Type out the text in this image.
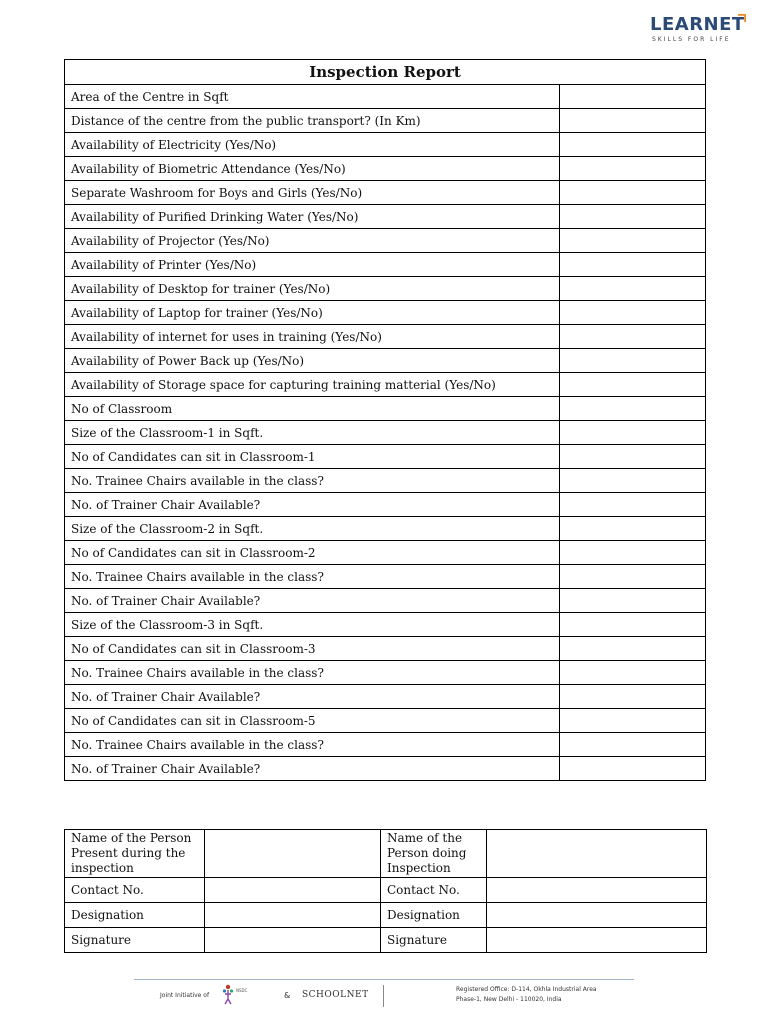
LEARNET
SKILLS FOR LIFE
Inspection Report	
Area of the Centre in Sqft	
Distance of the centre from the public transport? (In Km)	
Availability of Electricity (Yes/No)	
Availability of Biometric Attendance (Yes/No)	
Separate Washroom for Boys and Girls (Yes/No)	
Availability of Purified Drinking Water (Yes/No)	
Availability of Projector (Yes/No)	
Availability of Printer (Yes/No)	
Availability of Desktop for trainer (Yes/No)	
Availability of Laptop for trainer (Yes/No)	
Availability of internet for uses in training (Yes/No)	
Availability of Power Back up (Yes/No)	
Availability of Storage space for capturing training matterial (Yes/No)	
No of Classroom	
Size of the Classroom-1 in Sqft.	
No of Candidates can sit in Classroom-1	
No. Trainee Chairs available in the class?	
No. of Trainer Chair Available?	
Size of the Classroom-2 in Sqft.	
No of Candidates can sit in Classroom-2	
No. Trainee Chairs available in the class?	
No. of Trainer Chair Available?	
Size of the Classroom-3 in Sqft.	
No of Candidates can sit in Classroom-3	
No. Trainee Chairs available in the class?	
No. of Trainer Chair Available?	
No of Candidates can sit in Classroom-5	
No. Trainee Chairs available in the class?	
No. of Trainer Chair Available?	
Name of the Person Present during the inspection		Name of the Person doing Inspection	
Contact No.		Contact No.	
Designation		Designation	
Signature		Signature	
Joint Initiative of
NSDC
& SCHOOLNET
Registered Office: D-114, Okhla Industrial Area
Phase-1, New Delhi - 110020, India
